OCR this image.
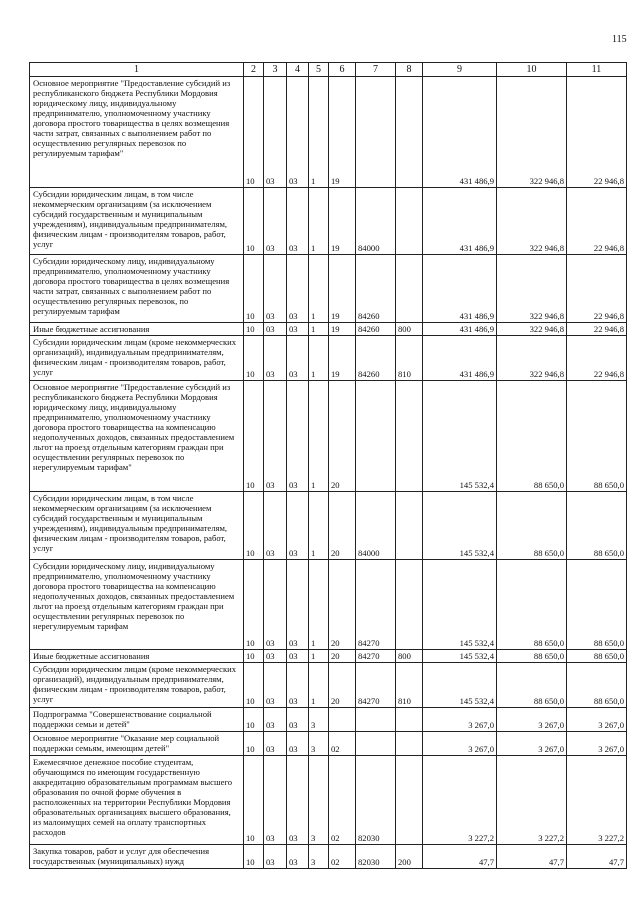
115
1	2	3	4	5	6	7	8	9	10	11
Основное мероприятие "Предоставление субсидий из республиканского бюджета Республики Мордовия юридическому лицу, индивидуальному предпринимателю, уполномоченному участнику договора простого товарищества в целях возмещения части затрат, связанных с выполнением работ по осуществлению регулярных перевозок по регулируемым тарифам"	10	03	03	1	19			431 486,9	322 946,8	22 946,8
Субсидии юридическим лицам, в том числе некоммерческим организациям (за исключением субсидий государственным и муниципальным учреждениям), индивидуальным предпринимателям, физическим лицам - производителям товаров, работ, услуг	10	03	03	1	19	84000		431 486,9	322 946,8	22 946,8
Субсидии юридическому лицу, индивидуальному предпринимателю, уполномоченному участнику договора простого товарищества в целях возмещения части затрат, связанных с выполнением работ по осуществлению регулярных перевозок, по регулируемым тарифам	10	03	03	1	19	84260		431 486,9	322 946,8	22 946,8
Иные бюджетные ассигнования	10	03	03	1	19	84260	800	431 486,9	322 946,8	22 946,8
Субсидии юридическим лицам (кроме некоммерческих организаций), индивидуальным предпринимателям, физическим лицам - производителям товаров, работ, услуг	10	03	03	1	19	84260	810	431 486,9	322 946,8	22 946,8
Основное мероприятие "Предоставление субсидий из республиканского бюджета Республики Мордовия юридическому лицу, индивидуальному предпринимателю, уполномоченному участнику договора простого товарищества на компенсацию недополученных доходов, связанных предоставлением льгот на проезд отдельным категориям граждан при осуществлении регулярных перевозок по нерегулируемым тарифам"	10	03	03	1	20			145 532,4	88 650,0	88 650,0
Субсидии юридическим лицам, в том числе некоммерческим организациям (за исключением субсидий государственным и муниципальным учреждениям), индивидуальным предпринимателям, физическим лицам - производителям товаров, работ, услуг	10	03	03	1	20	84000		145 532,4	88 650,0	88 650,0
Субсидии юридическому лицу, индивидуальному предпринимателю, уполномоченному участнику договора простого товарищества на компенсацию недополученных доходов, связанных предоставлением льгот на проезд отдельным категориям граждан при осуществлении регулярных перевозок по нерегулируемым тарифам	10	03	03	1	20	84270		145 532,4	88 650,0	88 650,0
Иные бюджетные ассигнования	10	03	03	1	20	84270	800	145 532,4	88 650,0	88 650,0
Субсидии юридическим лицам (кроме некоммерческих организаций), индивидуальным предпринимателям, физическим лицам - производителям товаров, работ, услуг	10	03	03	1	20	84270	810	145 532,4	88 650,0	88 650,0
Подпрограмма "Совершенствование социальной поддержки семьи и детей"	10	03	03	3				3 267,0	3 267,0	3 267,0
Основное мероприятие "Оказание мер социальной поддержки семьям, имеющим детей"	10	03	03	3	02			3 267,0	3 267,0	3 267,0
Ежемесячное денежное пособие студентам, обучающимся по имеющим государственную аккредитацию образовательным программам высшего образования по очной форме обучения в расположенных на территории Республики Мордовия образовательных организациях высшего образования, из малоимущих семей на оплату транспортных расходов	10	03	03	3	02	82030		3 227,2	3 227,2	3 227,2
Закупка товаров, работ и услуг для обеспечения государственных (муниципальных) нужд	10	03	03	3	02	82030	200	47,7	47,7	47,7
